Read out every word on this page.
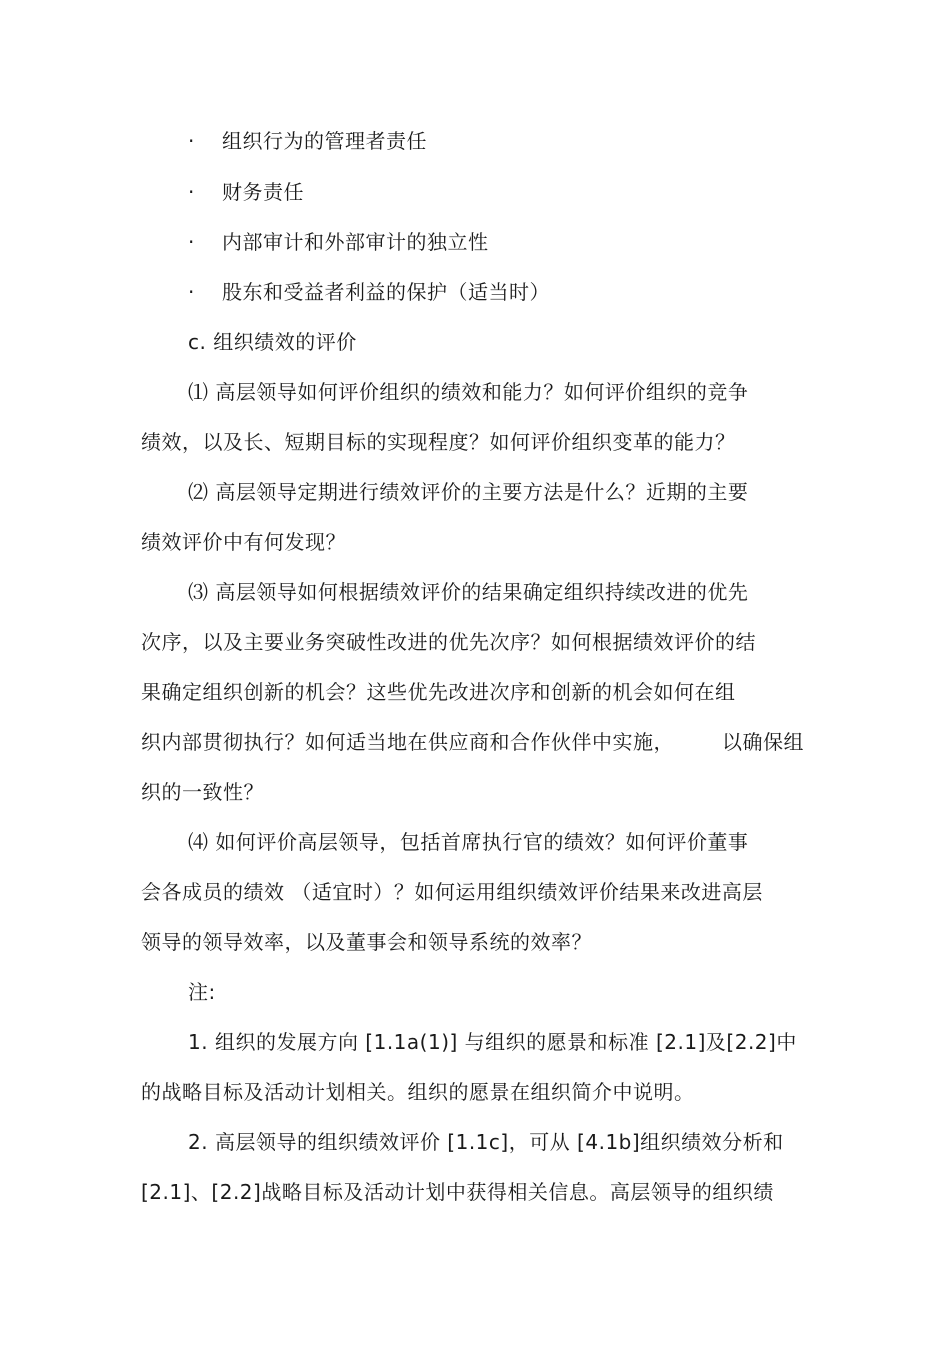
· 组织行为的管理者责任
· 财务责任
· 内部审计和外部审计的独立性
· 股东和受益者利益的保护（适当时）
c. 组织绩效的评价
⑴ 高层领导如何评价组织的绩效和能力？如何评价组织的竞争
绩效，以及长、短期目标的实现程度？如何评价组织变革的能力？
⑵ 高层领导定期进行绩效评价的主要方法是什么？近期的主要
绩效评价中有何发现？
⑶ 高层领导如何根据绩效评价的结果确定组织持续改进的优先
次序，以及主要业务突破性改进的优先次序？如何根据绩效评价的结
果确定组织创新的机会？这些优先改进次序和创新的机会如何在组
织内部贯彻执行？如何适当地在供应商和合作伙伴中实施， 以确保组
织的一致性？
⑷ 如何评价高层领导，包括首席执行官的绩效？如何评价董事
会各成员的绩效 （适宜时）？如何运用组织绩效评价结果来改进高层
领导的领导效率，以及董事会和领导系统的效率？
注:
1. 组织的发展方向 [1.1a(1)] 与组织的愿景和标准 [2.1]及[2.2]中
的战略目标及活动计划相关。组织的愿景在组织简介中说明。
2. 高层领导的组织绩效评价 [1.1c]，可从 [4.1b]组织绩效分析和
[2.1]、[2.2]战略目标及活动计划中获得相关信息。高层领导的组织绩
